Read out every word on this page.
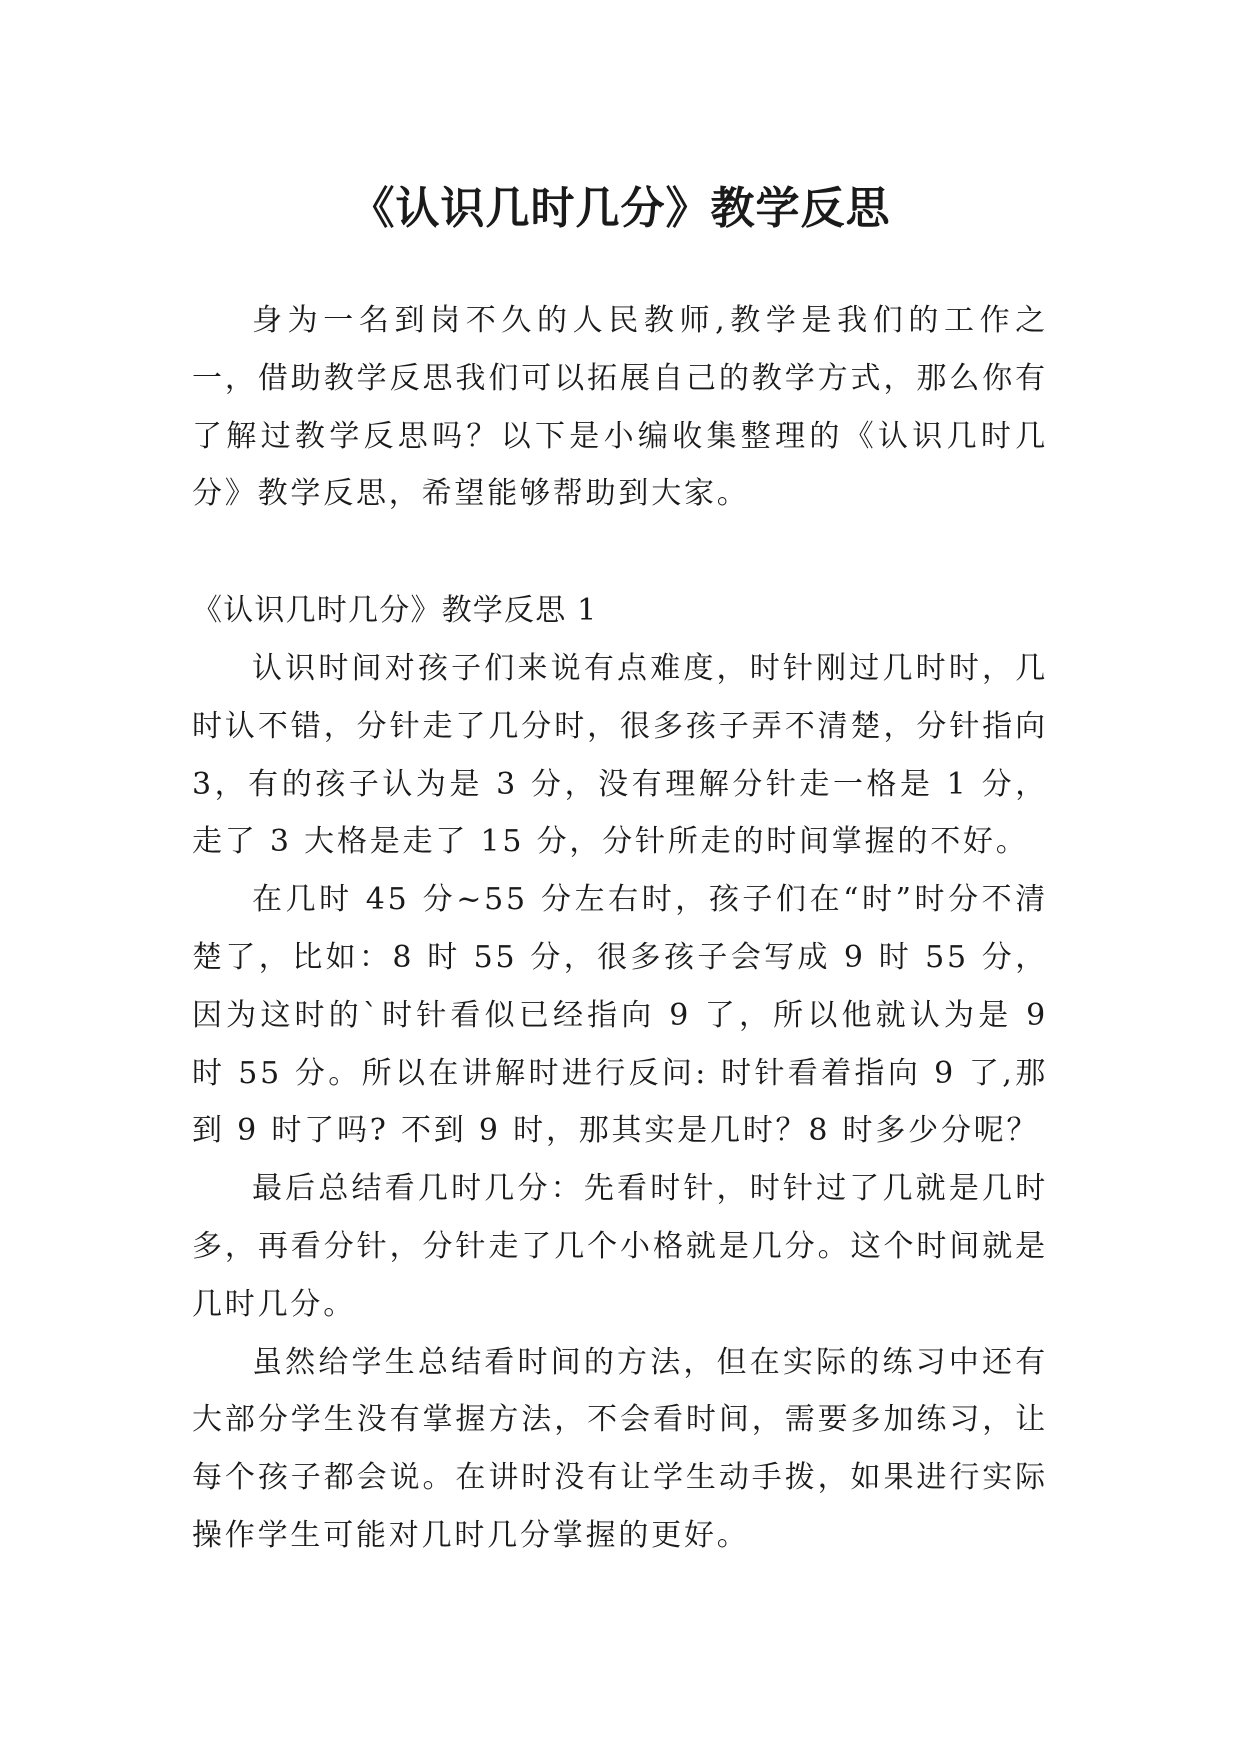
《认识几时几分》教学反思

身为一名到岗不久的人民教师,教学是我们的工作之一，借助教学反思我们可以拓展自己的教学方式，那么你有了解过教学反思吗？以下是小编收集整理的《认识几时几分》教学反思，希望能够帮助到大家。

《认识几时几分》教学反思 1

认识时间对孩子们来说有点难度，时针刚过几时时，几时认不错，分针走了几分时，很多孩子弄不清楚，分针指向3，有的孩子认为是 3 分，没有理解分针走一格是 1 分，走了 3 大格是走了 15 分，分针所走的时间掌握的不好。

在几时 45 分~55 分左右时，孩子们在“时”时分不清楚了，比如：8 时 55 分，很多孩子会写成 9 时 55 分，因为这时的`时针看似已经指向 9 了，所以他就认为是 9 时 55 分。所以在讲解时进行反问: 时针看着指向 9 了,那到 9 时了吗? 不到 9 时，那其实是几时？8 时多少分呢？

最后总结看几时几分：先看时针，时针过了几就是几时多，再看分针，分针走了几个小格就是几分。这个时间就是几时几分。

虽然给学生总结看时间的方法，但在实际的练习中还有大部分学生没有掌握方法，不会看时间，需要多加练习，让每个孩子都会说。在讲时没有让学生动手拨，如果进行实际操作学生可能对几时几分掌握的更好。
